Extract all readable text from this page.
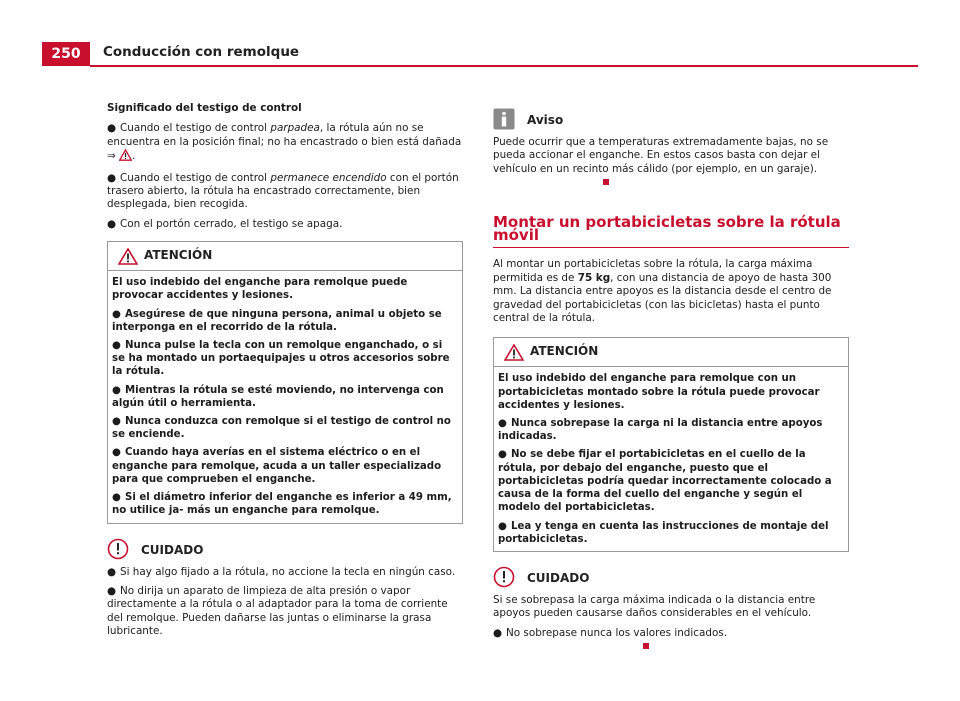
250	Conducción con remolque

Significado del testigo de control

● Cuando el testigo de control parpadea, la rótula aún no se encuentra en la posición final; no ha encastrado o bien está dañada ⇒ .

● Cuando el testigo de control permanece encendido con el portón trasero abierto, la rótula ha encastrado correctamente, bien desplegada, bien recogida.

● Con el portón cerrado, el testigo se apaga.

ATENCIÓN

El uso indebido del enganche para remolque puede provocar accidentes y lesiones.

● Asegúrese de que ninguna persona, animal u objeto se interponga en el recorrido de la rótula.

● Nunca pulse la tecla con un remolque enganchado, o si se ha montado un portaequipajes u otros accesorios sobre la rótula.

● Mientras la rótula se esté moviendo, no intervenga con algún útil o herramienta.

● Nunca conduzca con remolque si el testigo de control no se enciende.

● Cuando haya averías en el sistema eléctrico o en el enganche para remolque, acuda a un taller especializado para que comprueben el enganche.

● Si el diámetro inferior del enganche es inferior a 49 mm, no utilice ja- más un enganche para remolque.

CUIDADO

● Si hay algo fijado a la rótula, no accione la tecla en ningún caso.

● No dirija un aparato de limpieza de alta presión o vapor directamente a la rótula o al adaptador para la toma de corriente del remolque. Pueden dañarse las juntas o eliminarse la grasa lubricante.

Aviso

Puede ocurrir que a temperaturas extremadamente bajas, no se pueda accionar el enganche. En estos casos basta con dejar el vehículo en un recinto más cálido (por ejemplo, en un garaje).

Montar un portabicicletas sobre la rótula móvil

Al montar un portabicicletas sobre la rótula, la carga máxima permitida es de 75 kg, con una distancia de apoyo de hasta 300 mm. La distancia entre apoyos es la distancia desde el centro de gravedad del portabicicletas (con las bicicletas) hasta el punto central de la rótula.

ATENCIÓN

El uso indebido del enganche para remolque con un portabicicletas montado sobre la rótula puede provocar accidentes y lesiones.

● Nunca sobrepase la carga ni la distancia entre apoyos indicadas.

● No se debe fijar el portabicicletas en el cuello de la rótula, por debajo del enganche, puesto que el portabicicletas podría quedar incorrectamente colocado a causa de la forma del cuello del enganche y según el modelo del portabicicletas.

● Lea y tenga en cuenta las instrucciones de montaje del portabicicletas.

CUIDADO

Si se sobrepasa la carga máxima indicada o la distancia entre apoyos pueden causarse daños considerables en el vehículo.

● No sobrepase nunca los valores indicados.
